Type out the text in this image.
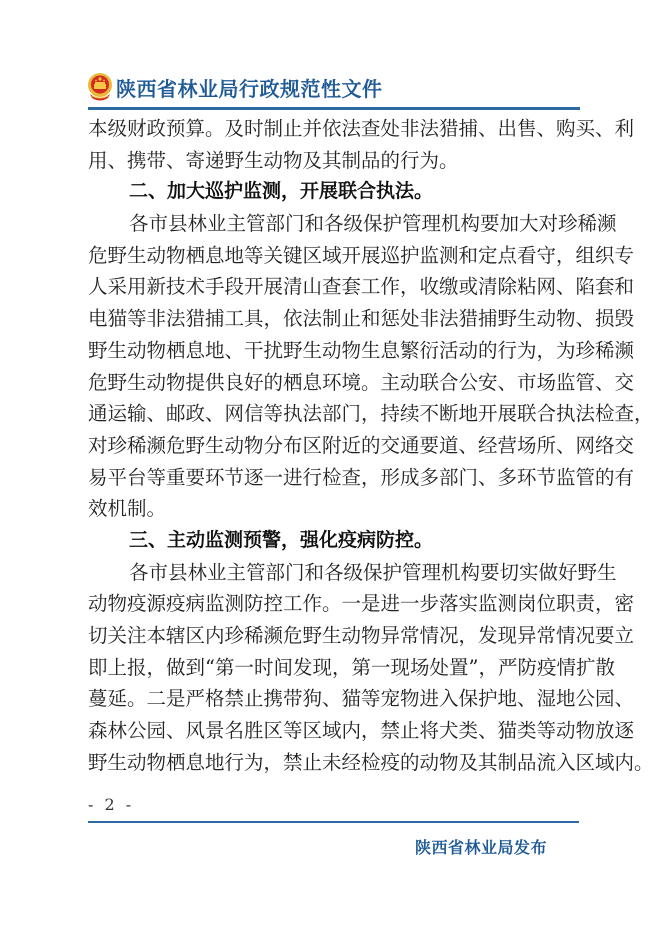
陕西省林业局行政规范性文件
本级财政预算。及时制止并依法查处非法猎捕、出售、购买、利
用、携带、寄递野生动物及其制品的行为。
二、加大巡护监测，开展联合执法。
各市县林业主管部门和各级保护管理机构要加大对珍稀濒
危野生动物栖息地等关键区域开展巡护监测和定点看守，组织专
人采用新技术手段开展清山查套工作，收缴或清除粘网、陷套和
电猫等非法猎捕工具，依法制止和惩处非法猎捕野生动物、损毁
野生动物栖息地、干扰野生动物生息繁衍活动的行为，为珍稀濒
危野生动物提供良好的栖息环境。主动联合公安、市场监管、交
通运输、邮政、网信等执法部门，持续不断地开展联合执法检查，
对珍稀濒危野生动物分布区附近的交通要道、经营场所、网络交
易平台等重要环节逐一进行检查，形成多部门、多环节监管的有
效机制。
三、主动监测预警，强化疫病防控。
各市县林业主管部门和各级保护管理机构要切实做好野生
动物疫源疫病监测防控工作。一是进一步落实监测岗位职责，密
切关注本辖区内珍稀濒危野生动物异常情况，发现异常情况要立
即上报，做到“第一时间发现，第一现场处置”，严防疫情扩散
蔓延。二是严格禁止携带狗、猫等宠物进入保护地、湿地公园、
森林公园、风景名胜区等区域内，禁止将犬类、猫类等动物放逐
野生动物栖息地行为，禁止未经检疫的动物及其制品流入区域内。
- 2 -
陕西省林业局发布
